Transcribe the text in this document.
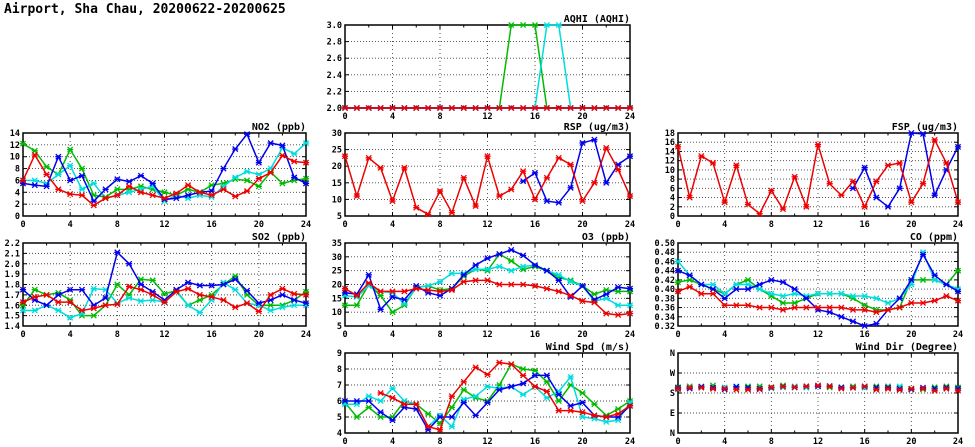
Airport, Sha Chau, 20200622-20200625
0	4	8	12	16	20	24
2.0
2.2
2.4
2.6
2.8
3.0
AQHI (AQHI)
0	4	8	12	16	20	24
0
2
4
6
8
10
12
14
NO2 (ppb)
0	4	8	12	16	20	24
5
10
15
20
25
30
RSP (ug/m3)
0	4	8	12	16	20	24
0
2
4
6
8
10
12
14
16
18
FSP (ug/m3)
0	4	8	12	16	20	24
1.4
1.5
1.6
1.7
1.8
1.9
2.0
2.1
2.2
SO2 (ppb)
0	4	8	12	16	20	24
5
10
15
20
25
30
35
O3 (ppb)
0	4	8	12	16	20	24
0.32
0.34
0.36
0.38
0.40
0.42
0.44
0.46
0.48
0.50
CO (ppm)
0	4	8	12	16	20	24
4
5
6
7
8
9
Wind Spd (m/s)
0	4	8	12	16	20	24
N
E
S
W
N
Wind Dir (Degree)
